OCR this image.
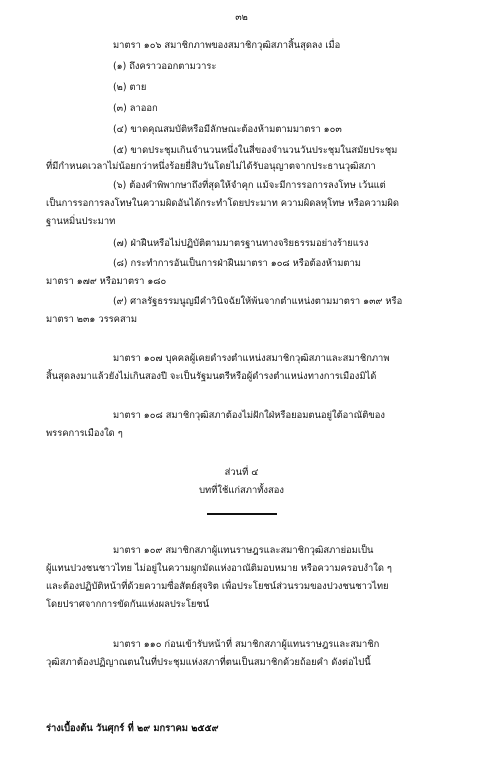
๓๒
มาตรา ๑๐๖ สมาชิกภาพของสมาชิกวุฒิสภาสิ้นสุดลง เมื่อ
(๑) ถึงคราวออกตามวาระ
(๒) ตาย
(๓) ลาออก
(๔) ขาดคุณสมบัติหรือมีลักษณะต้องห้ามตามมาตรา ๑๐๓
(๕) ขาดประชุมเกินจำนวนหนึ่งในสี่ของจำนวนวันประชุมในสมัยประชุม
ที่มีกำหนดเวลาไม่น้อยกว่าหนึ่งร้อยยี่สิบวันโดยไม่ได้รับอนุญาตจากประธานวุฒิสภา
(๖) ต้องคำพิพากษาถึงที่สุดให้จำคุก แม้จะมีการรอการลงโทษ เว้นแต่
เป็นการรอการลงโทษในความผิดอันได้กระทำโดยประมาท ความผิดลหุโทษ หรือความผิด
ฐานหมิ่นประมาท
(๗) ฝ่าฝืนหรือไม่ปฏิบัติตามมาตรฐานทางจริยธรรมอย่างร้ายแรง
(๘) กระทำการอันเป็นการฝ่าฝืนมาตรา ๑๐๘ หรือต้องห้ามตาม
มาตรา ๑๗๙ หรือมาตรา ๑๘๐
(๙) ศาลรัฐธรรมนูญมีคำวินิจฉัยให้พ้นจากตำแหน่งตามมาตรา ๑๓๙ หรือ
มาตรา ๒๓๑ วรรคสาม
มาตรา ๑๐๗ บุคคลผู้เคยดำรงตำแหน่งสมาชิกวุฒิสภาและสมาชิกภาพ
สิ้นสุดลงมาแล้วยังไม่เกินสองปี จะเป็นรัฐมนตรีหรือผู้ดำรงตำแหน่งทางการเมืองมิได้
มาตรา ๑๐๘ สมาชิกวุฒิสภาต้องไม่ฝักใฝ่หรือยอมตนอยู่ใต้อาณัติของ
พรรคการเมืองใด ๆ
ส่วนที่ ๔
บทที่ใช้แก่สภาทั้งสอง
มาตรา ๑๐๙ สมาชิกสภาผู้แทนราษฎรและสมาชิกวุฒิสภาย่อมเป็น
ผู้แทนปวงชนชาวไทย ไม่อยู่ในความผูกมัดแห่งอาณัติมอบหมาย หรือความครอบงำใด ๆ
และต้องปฏิบัติหน้าที่ด้วยความซื่อสัตย์สุจริต เพื่อประโยชน์ส่วนรวมของปวงชนชาวไทย
โดยปราศจากการขัดกันแห่งผลประโยชน์
มาตรา ๑๑๐ ก่อนเข้ารับหน้าที่ สมาชิกสภาผู้แทนราษฎรและสมาชิก
วุฒิสภาต้องปฏิญาณตนในที่ประชุมแห่งสภาที่ตนเป็นสมาชิกด้วยถ้อยคำ ดังต่อไปนี้
ร่างเบื้องต้น วันศุกร์ ที่ ๒๙ มกราคม ๒๕๕๙
